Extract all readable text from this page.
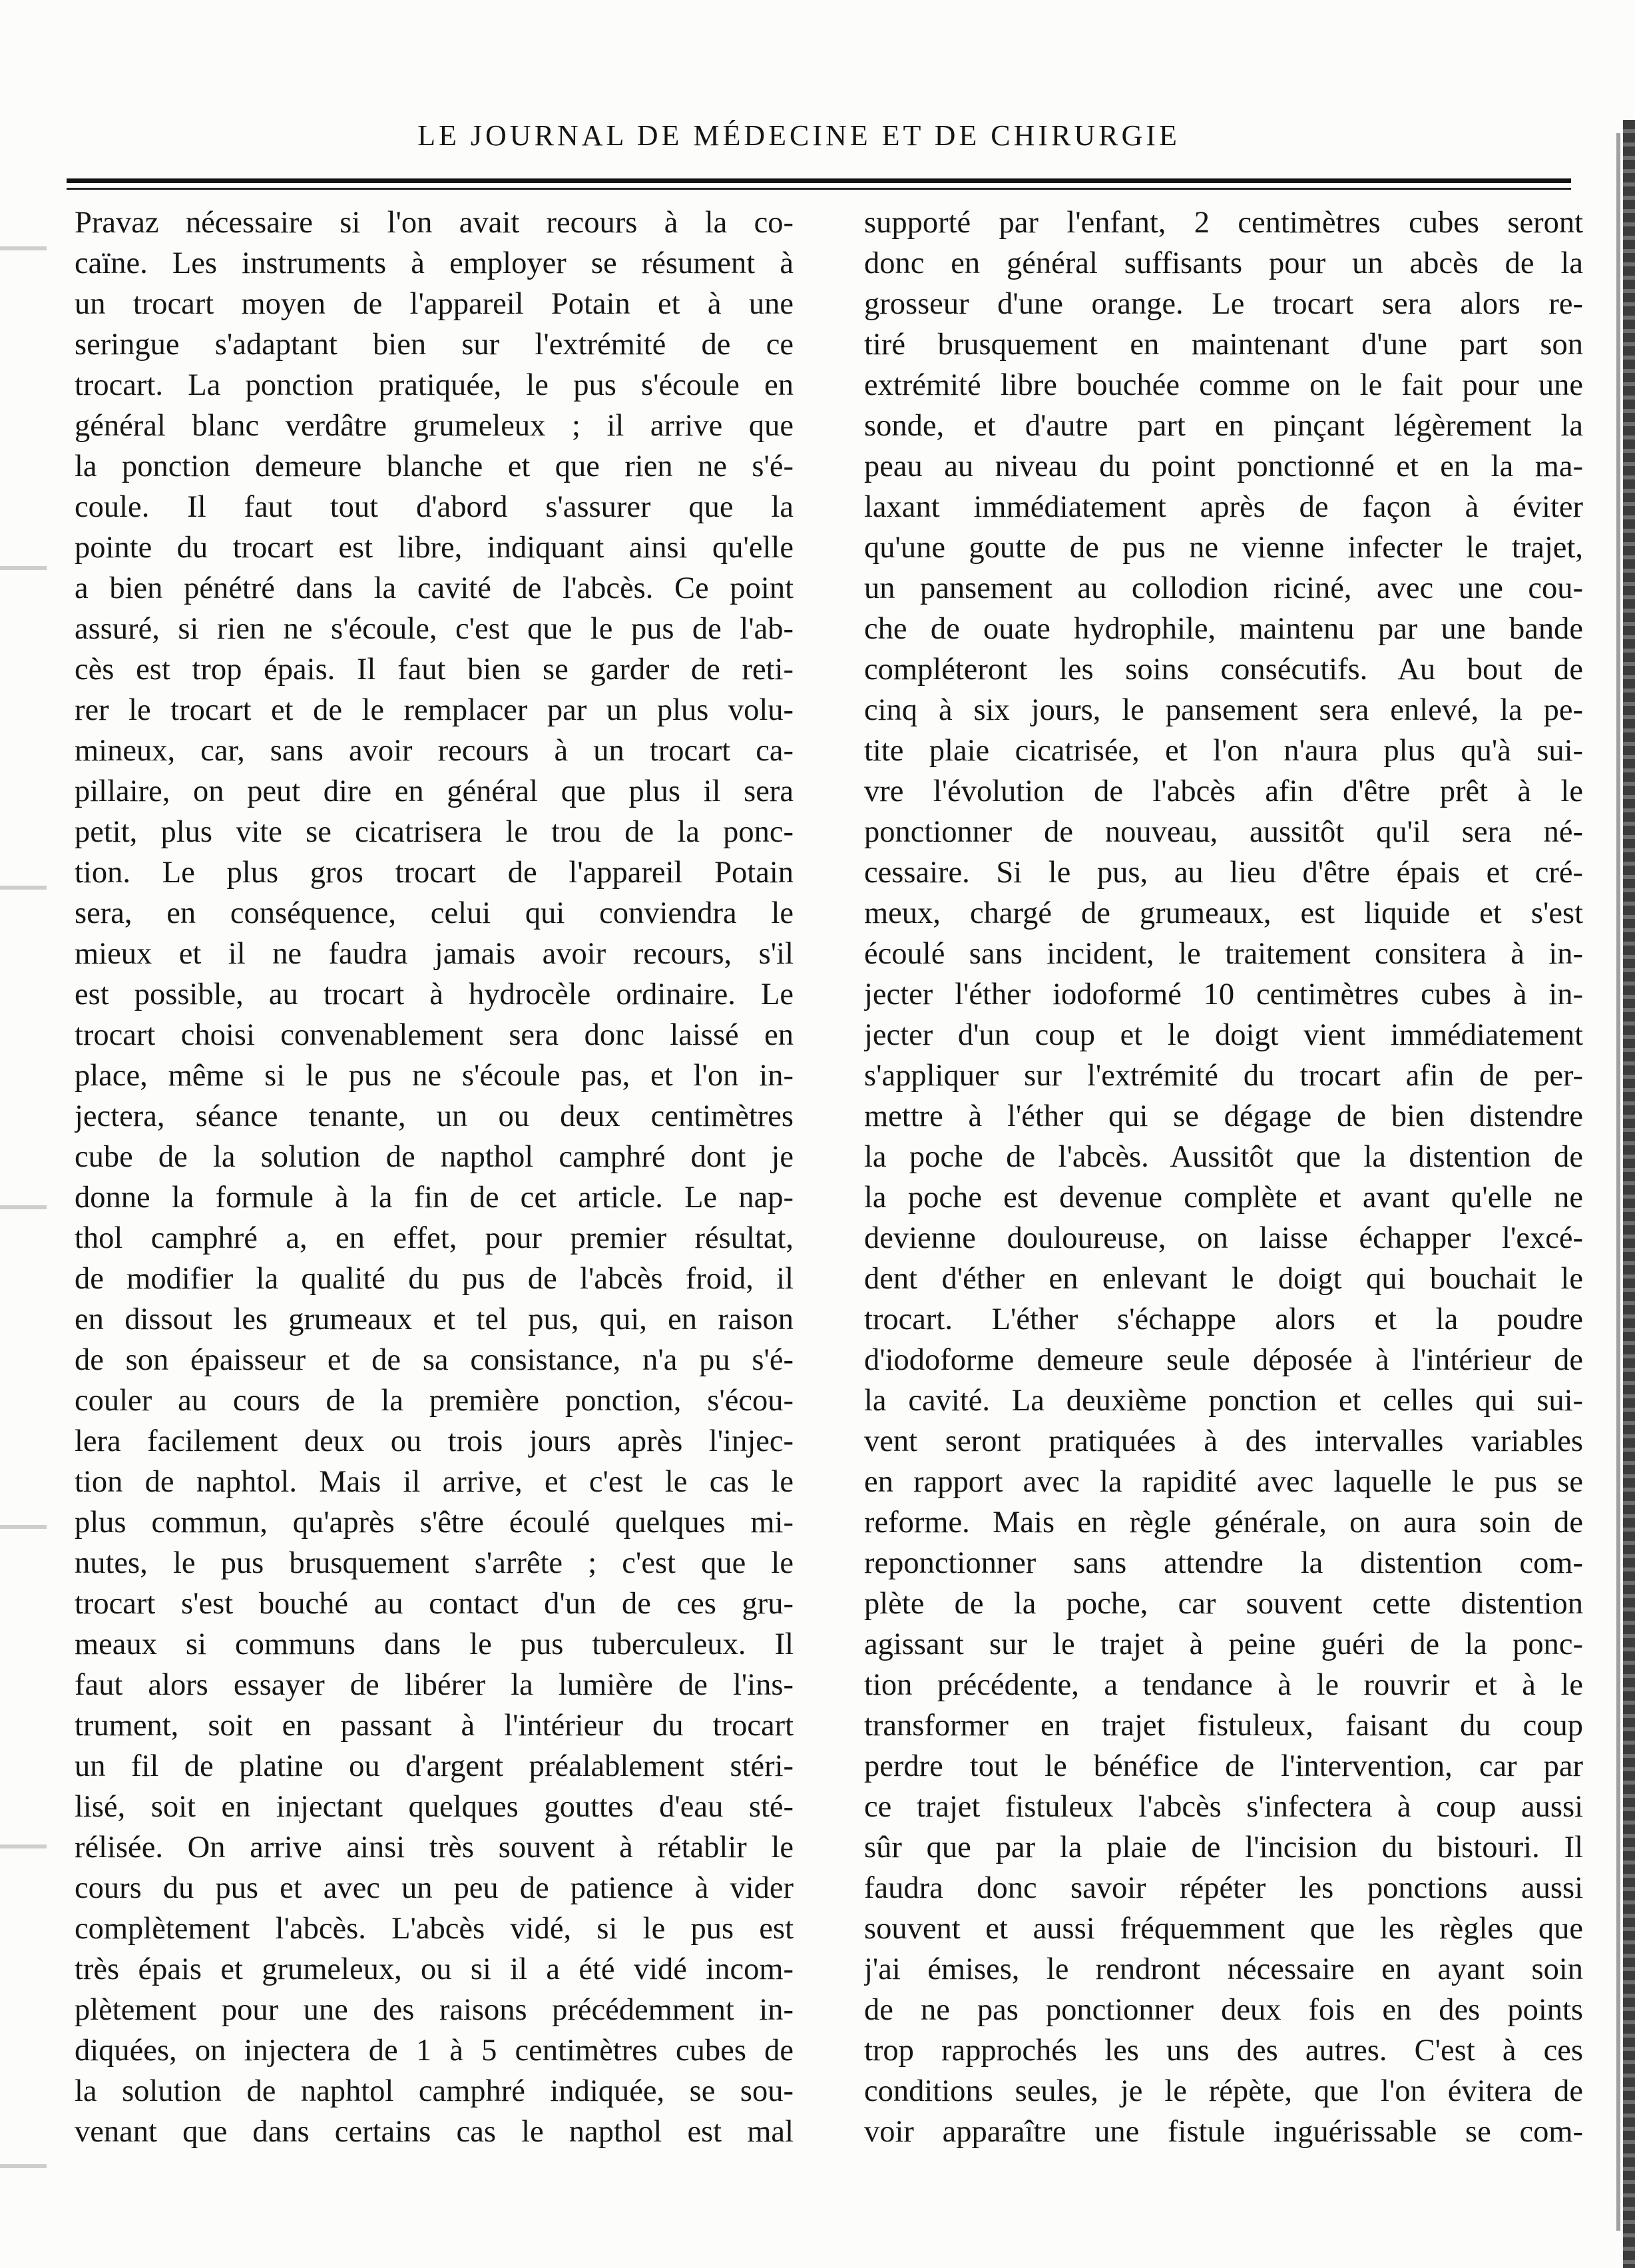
LE JOURNAL DE MÉDECINE ET DE CHIRURGIE
Pravaz nécessaire si l'on avait recours à la co-
caïne. Les instruments à employer se résument à
un trocart moyen de l'appareil Potain et à une
seringue s'adaptant bien sur l'extrémité de ce
trocart. La ponction pratiquée, le pus s'écoule en
général blanc verdâtre grumeleux ; il arrive que
la ponction demeure blanche et que rien ne s'é-
coule. Il faut tout d'abord s'assurer que la
pointe du trocart est libre, indiquant ainsi qu'elle
a bien pénétré dans la cavité de l'abcès. Ce point
assuré, si rien ne s'écoule, c'est que le pus de l'ab-
cès est trop épais. Il faut bien se garder de reti-
rer le trocart et de le remplacer par un plus volu-
mineux, car, sans avoir recours à un trocart ca-
pillaire, on peut dire en général que plus il sera
petit, plus vite se cicatrisera le trou de la ponc-
tion. Le plus gros trocart de l'appareil Potain
sera, en conséquence, celui qui conviendra le
mieux et il ne faudra jamais avoir recours, s'il
est possible, au trocart à hydrocèle ordinaire. Le
trocart choisi convenablement sera donc laissé en
place, même si le pus ne s'écoule pas, et l'on in-
jectera, séance tenante, un ou deux centimètres
cube de la solution de napthol camphré dont je
donne la formule à la fin de cet article. Le nap-
thol camphré a, en effet, pour premier résultat,
de modifier la qualité du pus de l'abcès froid, il
en dissout les grumeaux et tel pus, qui, en raison
de son épaisseur et de sa consistance, n'a pu s'é-
couler au cours de la première ponction, s'écou-
lera facilement deux ou trois jours après l'injec-
tion de naphtol. Mais il arrive, et c'est le cas le
plus commun, qu'après s'être écoulé quelques mi-
nutes, le pus brusquement s'arrête ; c'est que le
trocart s'est bouché au contact d'un de ces gru-
meaux si communs dans le pus tuberculeux. Il
faut alors essayer de libérer la lumière de l'ins-
trument, soit en passant à l'intérieur du trocart
un fil de platine ou d'argent préalablement stéri-
lisé, soit en injectant quelques gouttes d'eau sté-
rélisée. On arrive ainsi très souvent à rétablir le
cours du pus et avec un peu de patience à vider
complètement l'abcès. L'abcès vidé, si le pus est
très épais et grumeleux, ou si il a été vidé incom-
plètement pour une des raisons précédemment in-
diquées, on injectera de 1 à 5 centimètres cubes de
la solution de naphtol camphré indiquée, se sou-
venant que dans certains cas le napthol est mal
supporté par l'enfant, 2 centimètres cubes seront
donc en général suffisants pour un abcès de la
grosseur d'une orange. Le trocart sera alors re-
tiré brusquement en maintenant d'une part son
extrémité libre bouchée comme on le fait pour une
sonde, et d'autre part en pinçant légèrement la
peau au niveau du point ponctionné et en la ma-
laxant immédiatement après de façon à éviter
qu'une goutte de pus ne vienne infecter le trajet,
un pansement au collodion riciné, avec une cou-
che de ouate hydrophile, maintenu par une bande
compléteront les soins consécutifs. Au bout de
cinq à six jours, le pansement sera enlevé, la pe-
tite plaie cicatrisée, et l'on n'aura plus qu'à sui-
vre l'évolution de l'abcès afin d'être prêt à le
ponctionner de nouveau, aussitôt qu'il sera né-
cessaire. Si le pus, au lieu d'être épais et cré-
meux, chargé de grumeaux, est liquide et s'est
écoulé sans incident, le traitement consitera à in-
jecter l'éther iodoformé 10 centimètres cubes à in-
jecter d'un coup et le doigt vient immédiatement
s'appliquer sur l'extrémité du trocart afin de per-
mettre à l'éther qui se dégage de bien distendre
la poche de l'abcès. Aussitôt que la distention de
la poche est devenue complète et avant qu'elle ne
devienne douloureuse, on laisse échapper l'excé-
dent d'éther en enlevant le doigt qui bouchait le
trocart. L'éther s'échappe alors et la poudre
d'iodoforme demeure seule déposée à l'intérieur de
la cavité. La deuxième ponction et celles qui sui-
vent seront pratiquées à des intervalles variables
en rapport avec la rapidité avec laquelle le pus se
reforme. Mais en règle générale, on aura soin de
reponctionner sans attendre la distention com-
plète de la poche, car souvent cette distention
agissant sur le trajet à peine guéri de la ponc-
tion précédente, a tendance à le rouvrir et à le
transformer en trajet fistuleux, faisant du coup
perdre tout le bénéfice de l'intervention, car par
ce trajet fistuleux l'abcès s'infectera à coup aussi
sûr que par la plaie de l'incision du bistouri. Il
faudra donc savoir répéter les ponctions aussi
souvent et aussi fréquemment que les règles que
j'ai émises, le rendront nécessaire en ayant soin
de ne pas ponctionner deux fois en des points
trop rapprochés les uns des autres. C'est à ces
conditions seules, je le répète, que l'on évitera de
voir apparaître une fistule inguérissable se com-
